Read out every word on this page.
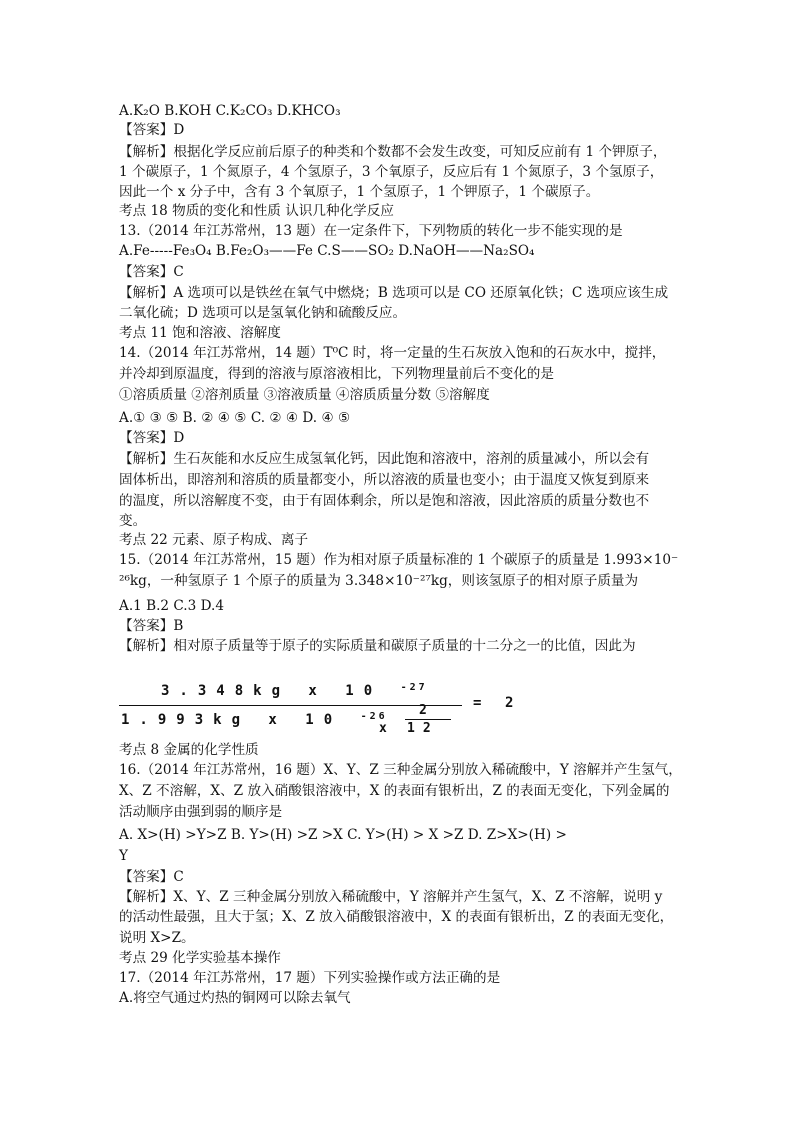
A.K₂O B.KOH C.K₂CO₃ D.KHCO₃
【答案】D
【解析】根据化学反应前后原子的种类和个数都不会发生改变，可知反应前有 1 个钾原子，
1 个碳原子，1 个氮原子，4 个氢原子，3 个氧原子，反应后有 1 个氮原子，3 个氢原子，
因此一个 x 分子中，含有 3 个氧原子，1 个氢原子，1 个钾原子，1 个碳原子。
考点 18 物质的变化和性质 认识几种化学反应
13.（2014 年江苏常州，13 题）在一定条件下，下列物质的转化一步不能实现的是
A.Fe-----Fe₃O₄ B.Fe₂O₃——Fe C.S——SO₂ D.NaOH——Na₂SO₄
【答案】C
【解析】A 选项可以是铁丝在氧气中燃烧；B 选项可以是 CO 还原氧化铁；C 选项应该生成
二氧化硫；D 选项可以是氢氧化钠和硫酸反应。
考点 11 饱和溶液、溶解度
14.（2014 年江苏常州，14 题）T⁰C 时，将一定量的生石灰放入饱和的石灰水中，搅拌，
并冷却到原温度，得到的溶液与原溶液相比，下列物理量前后不变化的是
①溶质质量 ②溶剂质量 ③溶液质量 ④溶质质量分数 ⑤溶解度
A.① ③ ⑤ B. ② ④ ⑤ C. ② ④ D. ④ ⑤
【答案】D
【解析】生石灰能和水反应生成氢氧化钙，因此饱和溶液中，溶剂的质量减小，所以会有
固体析出，即溶剂和溶质的质量都变小，所以溶液的质量也变小；由于温度又恢复到原来
的温度，所以溶解度不变，由于有固体剩余，所以是饱和溶液，因此溶质的质量分数也不
变。
考点 22 元素、原子构成、离子
15.（2014 年江苏常州，15 题）作为相对原子质量标准的 1 个碳原子的质量是 1.993×10⁻
²⁶kg，一种氢原子 1 个原子的质量为 3.348×10⁻²⁷kg，则该氢原子的相对原子质量为
A.1 B.2 C.3 D.4
【答案】B
【解析】相对原子质量等于原子的实际质量和碳原子质量的十二分之一的比值，因此为
3.348kg x 10 $^{-27}$
1.993kg x 10 $^{-26}$
x
2
12
= 2
考点 8 金属的化学性质
16.（2014 年江苏常州，16 题）X、Y、Z 三种金属分别放入稀硫酸中，Y 溶解并产生氢气，
X、Z 不溶解，X、Z 放入硝酸银溶液中，X 的表面有银析出，Z 的表面无变化，下列金属的
活动顺序由强到弱的顺序是
A. X>(H) >Y>Z B. Y>(H) >Z >X C. Y>(H) > X >Z D. Z>X>(H) >
Y
【答案】C
【解析】X、Y、Z 三种金属分别放入稀硫酸中，Y 溶解并产生氢气，X、Z 不溶解，说明 y
的活动性最强，且大于氢；X、Z 放入硝酸银溶液中，X 的表面有银析出，Z 的表面无变化，
说明 X>Z。
考点 29 化学实验基本操作
17.（2014 年江苏常州，17 题）下列实验操作或方法正确的是
A.将空气通过灼热的铜网可以除去氧气
